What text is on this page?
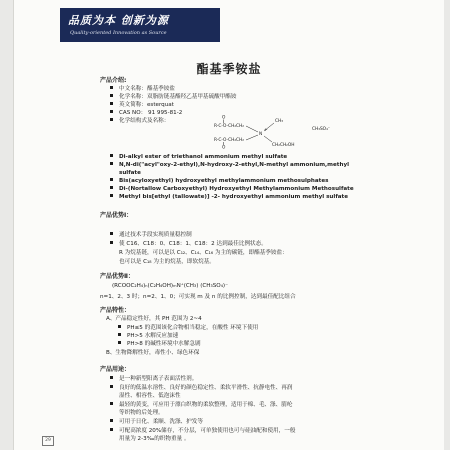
品质为本 创新为源
Quality-oriented Innovation as Source
酯基季铵盐
产品介绍:
中文名称：酯基季铵盐
化学名称：双脂肪链基酯羟乙基甲基硫酸甲酯铵
英文简称：esterquat
CAS NO： 91 995-81-2
化学结构式及名称：	O
R-C-O-CH₂CH₂
R-C-O-CH₂CH₂
O
N
+
CH₃
CH₂CH₂OH
CH₃SO₄⁻
Di-alkyl ester of triethanol ammonium methyl sulfate
N,N-di("acyl"oxy-2-ethyl),N-hydroxy-2-ethyl,N-methyl ammonium,methyl
sulfate
Bis(acyloxyethyl) hydroxyethyl methylammonium methosulphates
Di-(Nortallow Carboxyethyl) Hydroxyethyl Methylammonium Methosulfate
Methyl bis[ethyl (tallowate)] -2- hydroxyethyl ammonium methyl sulfate
产品优势Ⅰ：
通过技术手段实现质量稳控制
使 C16、C18：0、C18：1、C18：2 达到最佳比例状态。
R 为烷基链，可以是以 C₁₂、C₁₄、C₁₆ 为主的碳链，即酯基季铵盐：
也可以是 C₁₈ 为主的烷基，即软烷基。
产品优势Ⅱ：
(RCOOC₂H₄)ₙ(C₂H₄OH)ₘN⁺(CH₃) (CH₃SO₄)⁻
n=1、2、3 时；n=2、1、0；可实现 m 及 n 的比例控制，达到最佳配比组合
产品特性：
A、产品稳定性好，其 PH 范围为 2~4
PH≤5 的范围该化合物相当稳定，在酸性 环境下使用
PH>5 水解反应加速
PH>8 的碱性环境中水解急剧
B、生物降解性好，毒性小、绿色环保
产品用途：
是一种新型阳离子表面活性剂。
良好的低温水溶性、良好的颜色稳定性、柔软平滑性、抗静电性、再润
湿性、相容性、低泡沫性
最轻的黄变，可应用于漂白织物的柔软整理，适用于棉、毛、涤、腈纶
等织物的后处理。
可用于日化、柔顺、洗涤、护发等
可配高浓度 20%储存，不分层，可单独使用也可与硅油配和使用，一般
用量为 2-3‰的织物重量 。
29
